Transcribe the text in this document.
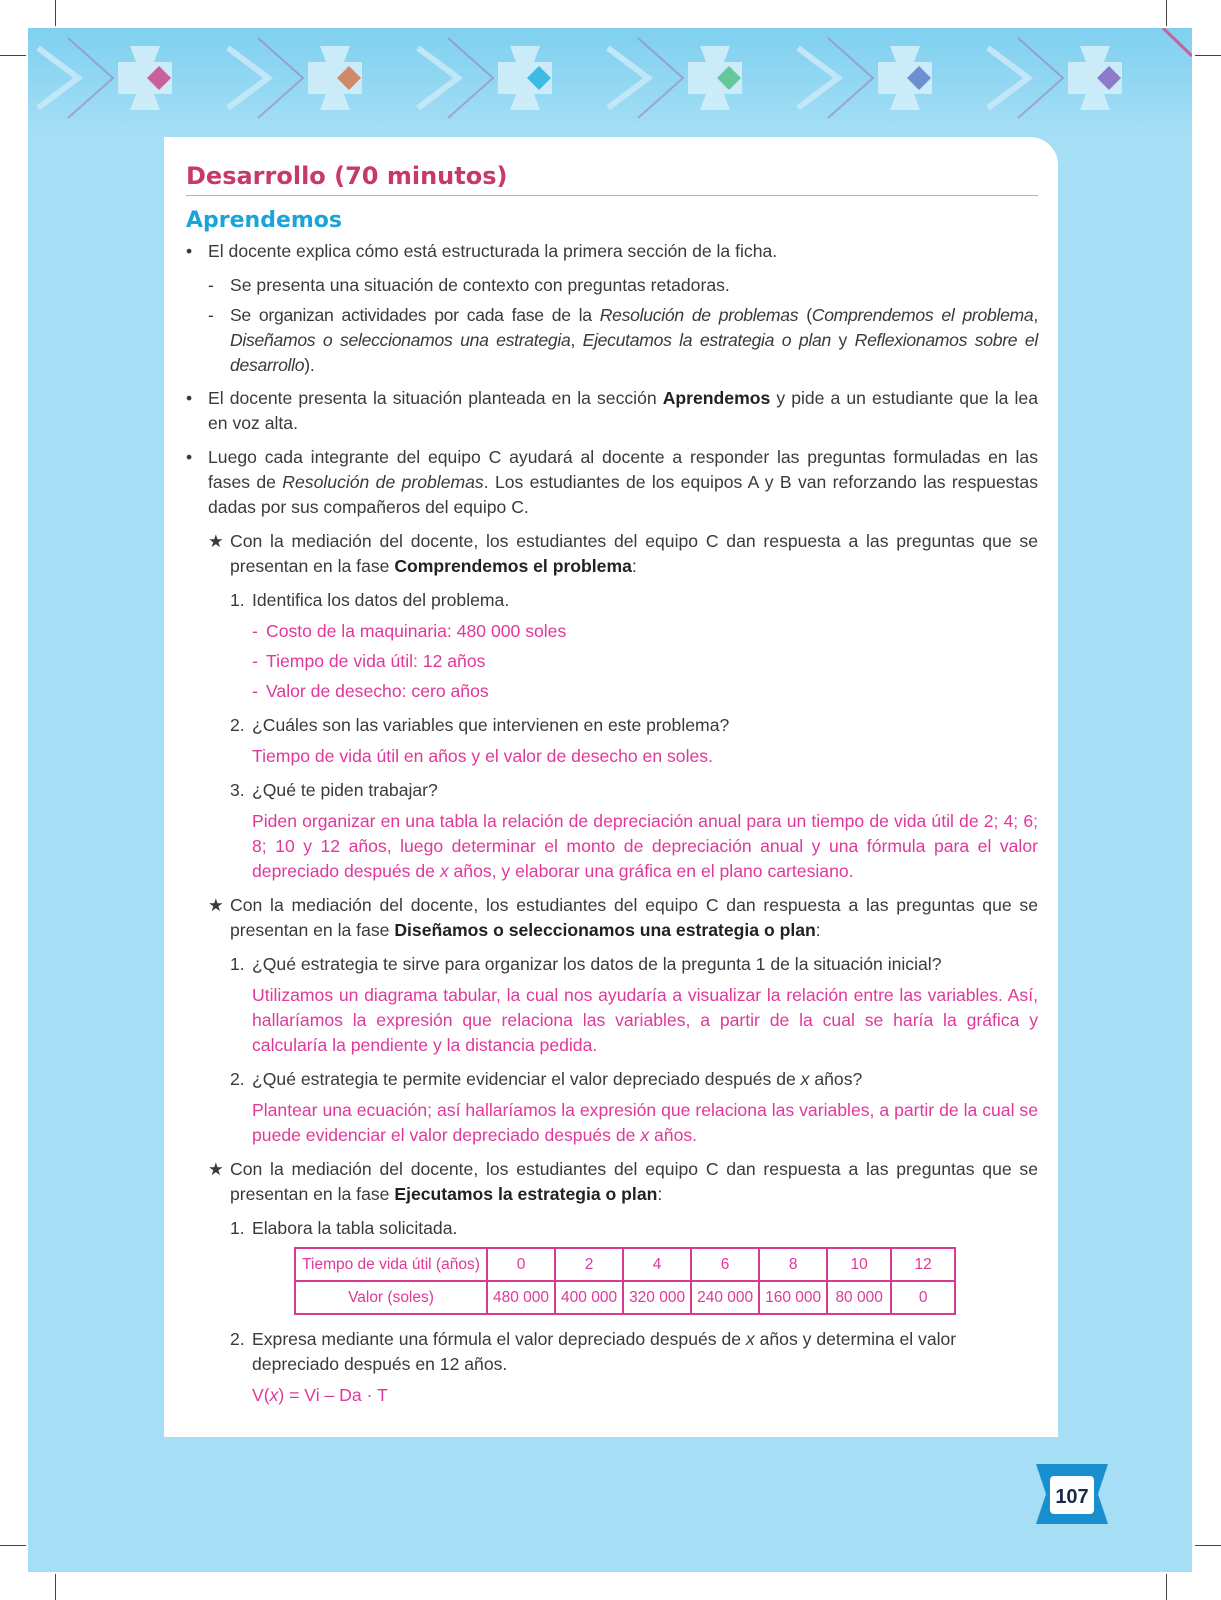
Desarrollo (70 minutos)
Aprendemos
• El docente explica cómo está estructurada la primera sección de la ficha.
- Se presenta una situación de contexto con preguntas retadoras.
- Se organizan actividades por cada fase de la Resolución de problemas (Comprendemos el problema, Diseñamos o seleccionamos una estrategia, Ejecutamos la estrategia o plan y Reflexionamos sobre el desarrollo).
• El docente presenta la situación planteada en la sección Aprendemos y pide a un estudiante que la lea en voz alta.
• Luego cada integrante del equipo C ayudará al docente a responder las preguntas formuladas en las fases de Resolución de problemas. Los estudiantes de los equipos A y B van reforzando las respuestas dadas por sus compañeros del equipo C.
★ Con la mediación del docente, los estudiantes del equipo C dan respuesta a las preguntas que se presentan en la fase Comprendemos el problema:
1. Identifica los datos del problema.
- Costo de la maquinaria: 480 000 soles
- Tiempo de vida útil: 12 años
- Valor de desecho: cero años
2. ¿Cuáles son las variables que intervienen en este problema?
Tiempo de vida útil en años y el valor de desecho en soles.
3. ¿Qué te piden trabajar?
Piden organizar en una tabla la relación de depreciación anual para un tiempo de vida útil de 2; 4; 6; 8; 10 y 12 años, luego determinar el monto de depreciación anual y una fórmula para el valor depreciado después de x años, y elaborar una gráfica en el plano cartesiano.
★ Con la mediación del docente, los estudiantes del equipo C dan respuesta a las preguntas que se presentan en la fase Diseñamos o seleccionamos una estrategia o plan:
1. ¿Qué estrategia te sirve para organizar los datos de la pregunta 1 de la situación inicial?
Utilizamos un diagrama tabular, la cual nos ayudaría a visualizar la relación entre las variables. Así, hallaríamos la expresión que relaciona las variables, a partir de la cual se haría la gráfica y calcularía la pendiente y la distancia pedida.
2. ¿Qué estrategia te permite evidenciar el valor depreciado después de x años?
Plantear una ecuación; así hallaríamos la expresión que relaciona las variables, a partir de la cual se puede evidenciar el valor depreciado después de x años.
★ Con la mediación del docente, los estudiantes del equipo C dan respuesta a las preguntas que se presentan en la fase Ejecutamos la estrategia o plan:
1. Elabora la tabla solicitada.
Tiempo de vida útil (años)	0	2	4	6	8	10	12
Valor (soles)	480 000	400 000	320 000	240 000	160 000	80 000	0
2. Expresa mediante una fórmula el valor depreciado después de x años y determina el valor depreciado después en 12 años.
V(x) = Vi – Da · T
107
